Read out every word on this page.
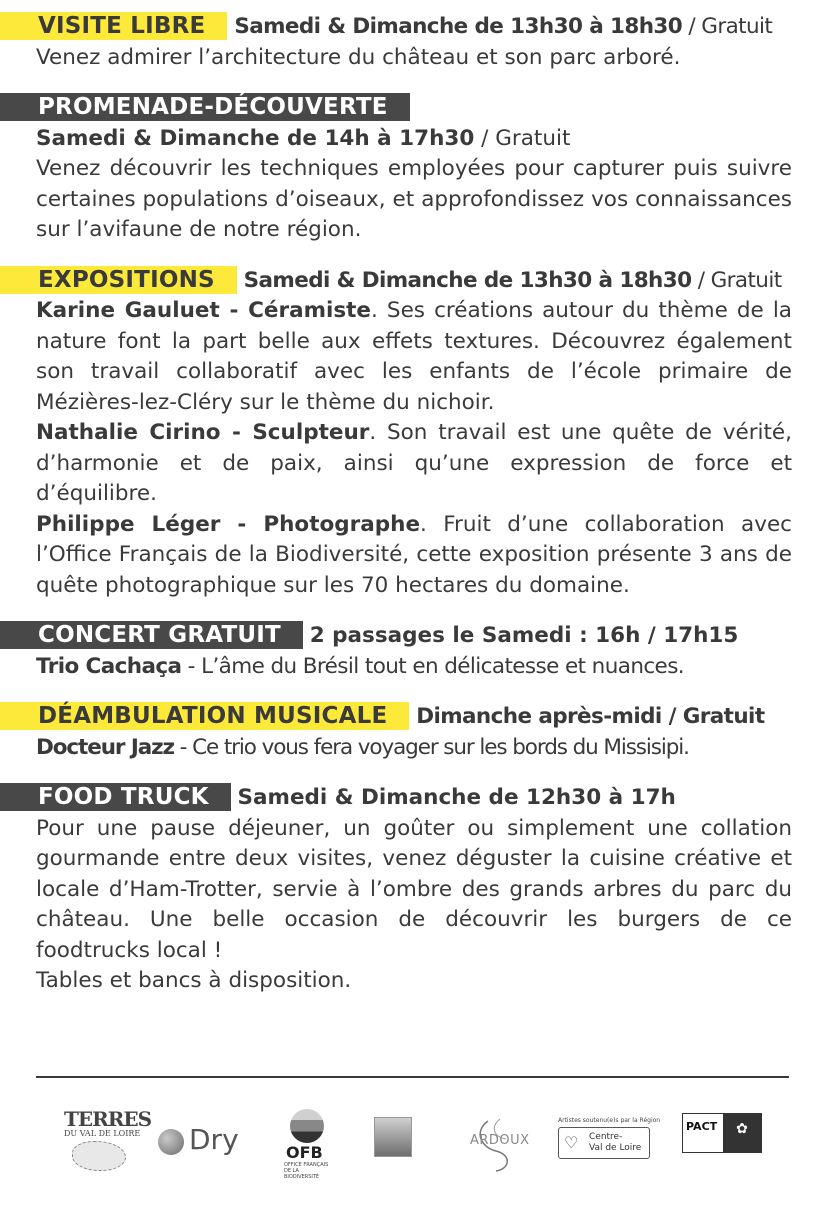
VISITE LIBRE Samedi & Dimanche de 13h30 à 18h30 / Gratuit
Venez admirer l’architecture du château et son parc arboré.
PROMENADE-DÉCOUVERTE
Samedi & Dimanche de 14h à 17h30 / Gratuit
Venez découvrir les techniques employées pour capturer puis suivre certaines populations d’oiseaux, et approfondissez vos connaissances sur l’avifaune de notre région.
EXPOSITIONS Samedi & Dimanche de 13h30 à 18h30 / Gratuit
Karine Gauluet - Céramiste. Ses créations autour du thème de la nature font la part belle aux effets textures. Découvrez également son travail collaboratif avec les enfants de l’école primaire de Mézières-lez-Cléry sur le thème du nichoir.
Nathalie Cirino - Sculpteur. Son travail est une quête de vérité, d’harmonie et de paix, ainsi qu’une expression de force et d’équilibre.
Philippe Léger - Photographe. Fruit d’une collaboration avec l’Office Français de la Biodiversité, cette exposition présente 3 ans de quête photographique sur les 70 hectares du domaine.
CONCERT GRATUIT 2 passages le Samedi : 16h / 17h15
Trio Cachaça - L’âme du Brésil tout en délicatesse et nuances.
DÉAMBULATION MUSICALE Dimanche après-midi / Gratuit
Docteur Jazz - Ce trio vous fera voyager sur les bords du Missisipi.
FOOD TRUCK Samedi & Dimanche de 12h30 à 17h
Pour une pause déjeuner, un goûter ou simplement une collation gourmande entre deux visites, venez déguster la cuisine créative et locale d’Ham-Trotter, servie à l’ombre des grands arbres du parc du château. Une belle occasion de découvrir les burgers de ce foodtrucks local !
Tables et bancs à disposition.
TERRES
DU VAL DE LOIRE Dry	OFB
OFFICE FRANÇAIS DE LA BIODIVERSITÉ
ARDOUX
Artistes soutenu(e)s par la Région
♡	Centre-
Val de Loire
PACT	✿
